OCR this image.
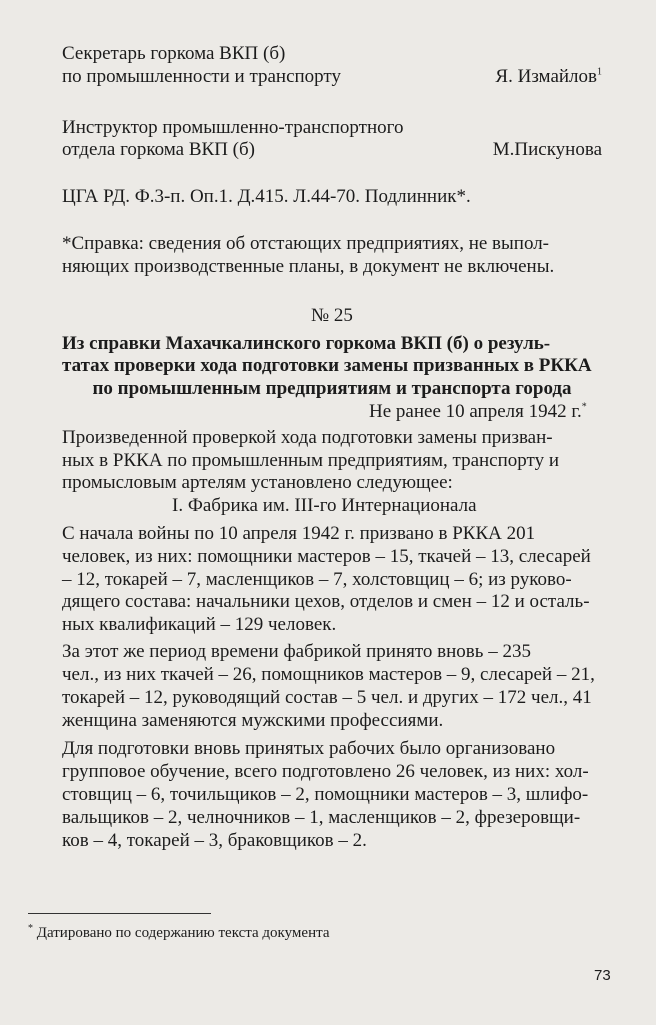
Секретарь горкома ВКП (б)
по промышленности и транспорту	Я. Измайлов$^1$
Инструктор промышленно-транспортного
отдела горкома ВКП (б)	М.Пискунова
ЦГА РД. Ф.3-п. Оп.1. Д.415. Л.44-70. Подлинник*.
*Справка: сведения об отстающих предприятиях, не выпол-
няющих производственные планы, в документ не включены.
№ 25
Из справки Махачкалинского горкома ВКП (б) о резуль-
татах проверки хода подготовки замены призванных в РККА
по промышленным предприятиям и транспорта города
Не ранее 10 апреля 1942 г.*
Произведенной проверкой хода подготовки замены призван-
ных в РККА по промышленным предприятиям, транспорту и
промысловым артелям установлено следующее:
I. Фабрика им. III-го Интернационала
С начала войны по 10 апреля 1942 г. призвано в РККА 201
человек, из них: помощники мастеров – 15, ткачей – 13, слесарей
– 12, токарей – 7, масленщиков – 7, холстовщиц – 6; из руково-
дящего состава: начальники цехов, отделов и смен – 12 и осталь-
ных квалификаций – 129 человек.
За этот же период времени фабрикой принято вновь – 235
чел., из них ткачей – 26, помощников мастеров – 9, слесарей – 21,
токарей – 12, руководящий состав – 5 чел. и других – 172 чел., 41
женщина заменяются мужскими профессиями.
Для подготовки вновь принятых рабочих было организовано
групповое обучение, всего подготовлено 26 человек, из них: хол-
стовщиц – 6, точильщиков – 2, помощники мастеров – 3, шлифо-
вальщиков – 2, челночников – 1, масленщиков – 2, фрезеровщи-
ков – 4, токарей – 3, браковщиков – 2.
* Датировано по содержанию текста документа
73
